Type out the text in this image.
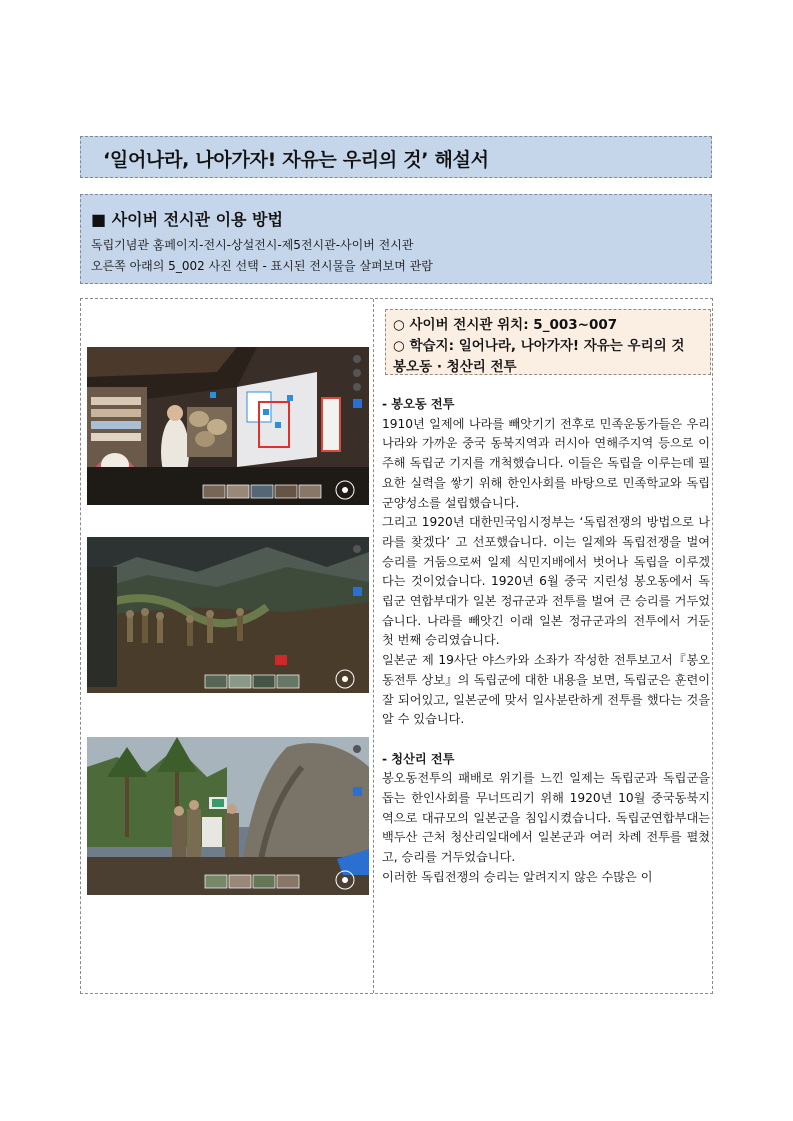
‘일어나라, 나아가자! 자유는 우리의 것’ 해설서
■ 사이버 전시관 이용 방법
독립기념관 홈페이지-전시-상설전시-제5전시관-사이버 전시관
오른쪽 아래의 5_002 사진 선택 - 표시된 전시물을 살펴보며 관람
○ 사이버 전시관 위치: 5_003~007
○ 학습지: 일어나라, 나아가자! 자유는 우리의 것
봉오동 · 청산리 전투

- 봉오동 전투

1910년 일제에 나라를 빼앗기기 전후로 민족운동가들은 우리나라와 가까운 중국 동북지역과 러시아 연해주지역 등으로 이주해 독립군 기지를 개척했습니다. 이들은 독립을 이루는데 필요한 실력을 쌓기 위해 한인사회를 바탕으로 민족학교와 독립군양성소를 설립했습니다.

그리고 1920년 대한민국임시정부는 ‘독립전쟁의 방법으로 나라를 찾겠다’ 고 선포했습니다. 이는 일제와 독립전쟁을 벌여 승리를 거둠으로써 일제 식민지배에서 벗어나 독립을 이루겠다는 것이었습니다. 1920년 6월 중국 지린성 봉오동에서 독립군 연합부대가 일본 정규군과 전투를 벌여 큰 승리를 거두었습니다. 나라를 빼앗긴 이래 일본 정규군과의 전투에서 거둔 첫 번째 승리였습니다.

일본군 제 19사단 야스카와 소좌가 작성한 전투보고서『봉오동전투 상보』의 독립군에 대한 내용을 보면, 독립군은 훈련이 잘 되어있고, 일본군에 맞서 일사분란하게 전투를 했다는 것을 알 수 있습니다.

- 청산리 전투

봉오동전투의 패배로 위기를 느낀 일제는 독립군과 독립군을 돕는 한인사회를 무너뜨리기 위해 1920년 10월 중국동북지역으로 대규모의 일본군을 침입시켰습니다. 독립군연합부대는 백두산 근처 청산리일대에서 일본군과 여러 차례 전투를 펼쳤고, 승리를 거두었습니다.

이러한 독립전쟁의 승리는 알려지지 않은 수많은 이
